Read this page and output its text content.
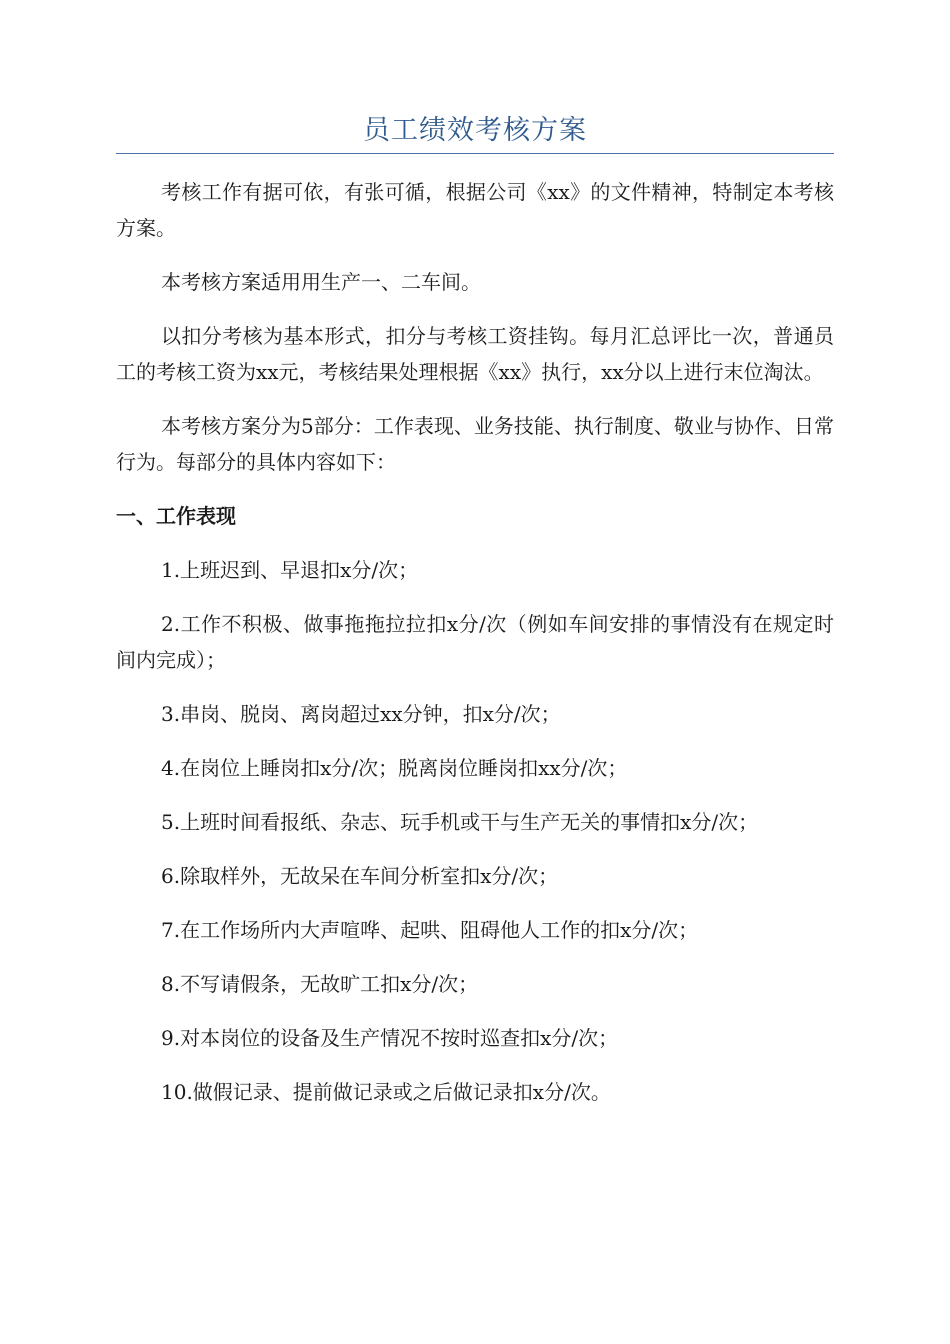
员工绩效考核方案

考核工作有据可依，有张可循，根据公司《xx》的文件精神，特制定本考核方案。

本考核方案适用用生产一、二车间。

以扣分考核为基本形式，扣分与考核工资挂钩。每月汇总评比一次，普通员工的考核工资为xx元，考核结果处理根据《xx》执行，xx分以上进行末位淘汰。

本考核方案分为5部分：工作表现、业务技能、执行制度、敬业与协作、日常行为。每部分的具体内容如下：

一、工作表现

1.上班迟到、早退扣x分/次；

2.工作不积极、做事拖拖拉拉扣x分/次（例如车间安排的事情没有在规定时间内完成）；

3.串岗、脱岗、离岗超过xx分钟，扣x分/次；

4.在岗位上睡岗扣x分/次；脱离岗位睡岗扣xx分/次；

5.上班时间看报纸、杂志、玩手机或干与生产无关的事情扣x分/次；

6.除取样外，无故呆在车间分析室扣x分/次；

7.在工作场所内大声喧哗、起哄、阻碍他人工作的扣x分/次；

8.不写请假条，无故旷工扣x分/次；

9.对本岗位的设备及生产情况不按时巡查扣x分/次；

10.做假记录、提前做记录或之后做记录扣x分/次。
